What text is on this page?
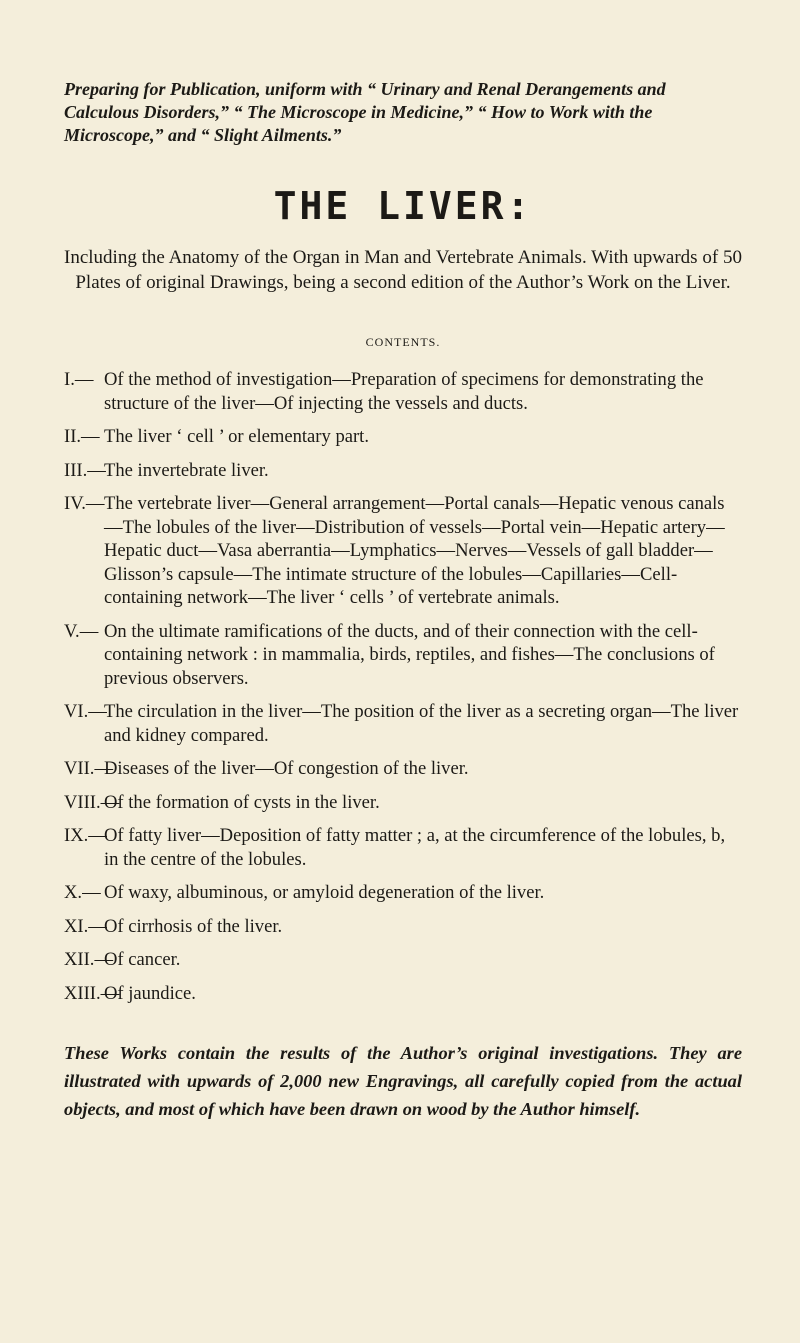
Preparing for Publication, uniform with “ Urinary and Renal Derangements and Calculous Disorders,” “ The Microscope in Medicine,” “ How to Work with the Microscope,” and “ Slight Ailments.”

THE LIVER:

Including the Anatomy of the Organ in Man and Vertebrate Animals. With upwards of 50 Plates of original Drawings, being a second edition of the Author’s Work on the Liver.

CONTENTS.
I. —	Of the method of investigation—Preparation of specimens for demonstrating the structure of the liver—Of injecting the vessels and ducts.
II. —	The liver ‘ cell ’ or elementary part.
III. — The invertebrate liver.
IV. — The vertebrate liver—General arrangement—Portal canals—Hepatic venous canals—The lobules of the liver—Distribution of vessels—Portal vein—Hepatic artery—Hepatic duct—Vasa aberrantia—Lymphatics—Nerves—Vessels of gall bladder—Glisson’s capsule—The intimate structure of the lobules—Capillaries—Cell-containing network—The liver ‘ cells ’ of vertebrate animals.
V. —	On the ultimate ramifications of the ducts, and of their connection with the cell-containing network : in mammalia, birds, reptiles, and fishes—The conclusions of previous observers.
VI. — The circulation in the liver—The position of the liver as a secreting organ—The liver and kidney compared.
VII. — Diseases of the liver—Of congestion of the liver.
VIII. — Of the formation of cysts in the liver.
IX. — Of fatty liver—Deposition of fatty matter ; a, at the circumference of the lobules, b, in the centre of the lobules.
X. —	Of waxy, albuminous, or amyloid degeneration of the liver.
XI. — Of cirrhosis of the liver.
XII. — Of cancer.
XIII. — Of jaundice.

These Works contain the results of the Author’s original investigations. They are illustrated with upwards of 2,000 new Engravings, all carefully copied from the actual objects, and most of which have been drawn on wood by the Author himself.
